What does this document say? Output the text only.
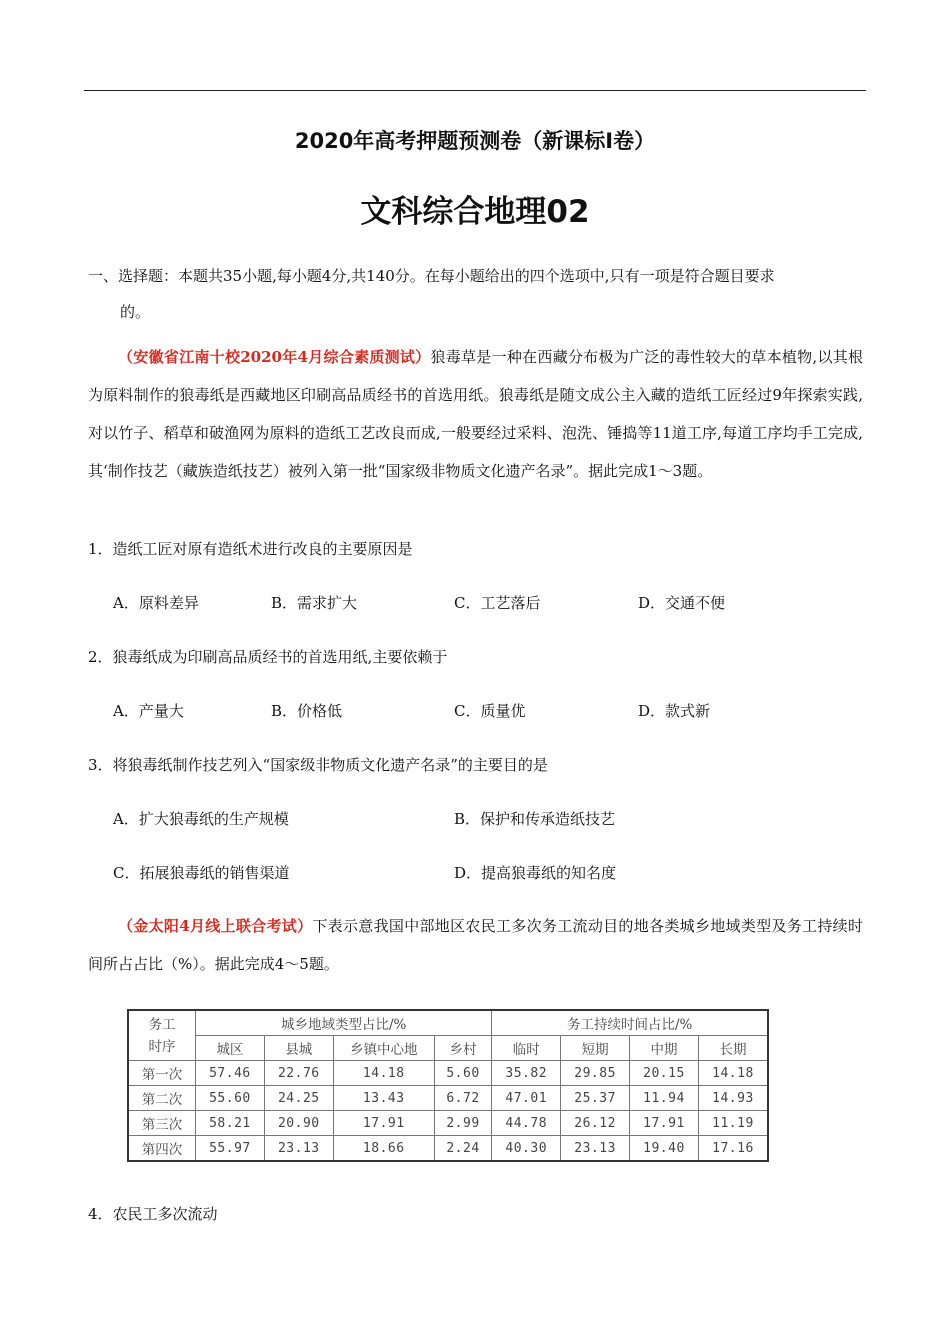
2020年高考押题预测卷（新课标Ⅰ卷）
文科综合地理02
一、选择题：本题共35小题,每小题4分,共140分。在每小题给出的四个选项中,只有一项是符合题目要求
的。
（安徽省江南十校2020年4月综合素质测试）狼毒草是一种在西藏分布极为广泛的毒性较大的草本植物,以其根为原料制作的狼毒纸是西藏地区印刷高品质经书的首选用纸。狼毒纸是随文成公主入藏的造纸工匠经过9年探索实践,对以竹子、稻草和破渔网为原料的造纸工艺改良而成,一般要经过采料、泡洗、锤捣等11道工序,每道工序均手工完成,其‘制作技艺（藏族造纸技艺）被列入第一批“国家级非物质文化遗产名录”。据此完成1～3题。
1．造纸工匠对原有造纸术进行改良的主要原因是
A．原料差异	B．需求扩大	C．工艺落后	D．交通不便
2．狼毒纸成为印刷高品质经书的首选用纸,主要依赖于
A．产量大	B．价格低	C．质量优	D．款式新
3．将狼毒纸制作技艺列入“国家级非物质文化遗产名录”的主要目的是
A．扩大狼毒纸的生产规模	B．保护和传承造纸技艺
C．拓展狼毒纸的销售渠道	D．提高狼毒纸的知名度
（金太阳4月线上联合考试）下表示意我国中部地区农民工多次务工流动目的地各类城乡地域类型及务工持续时间所占占比（%）。据此完成4～5题。
务工
时序	城乡地域类型占比/%				务工持续时间占比/%			
	城区	县城	乡镇中心地	乡村	临时	短期	中期	长期
第一次	57.46	22.76	14.18	5.60	35.82	29.85	20.15	14.18
第二次	55.60	24.25	13.43	6.72	47.01	25.37	11.94	14.93
第三次	58.21	20.90	17.91	2.99	44.78	26.12	17.91	11.19
第四次	55.97	23.13	18.66	2.24	40.30	23.13	19.40	17.16
4．农民工多次流动
